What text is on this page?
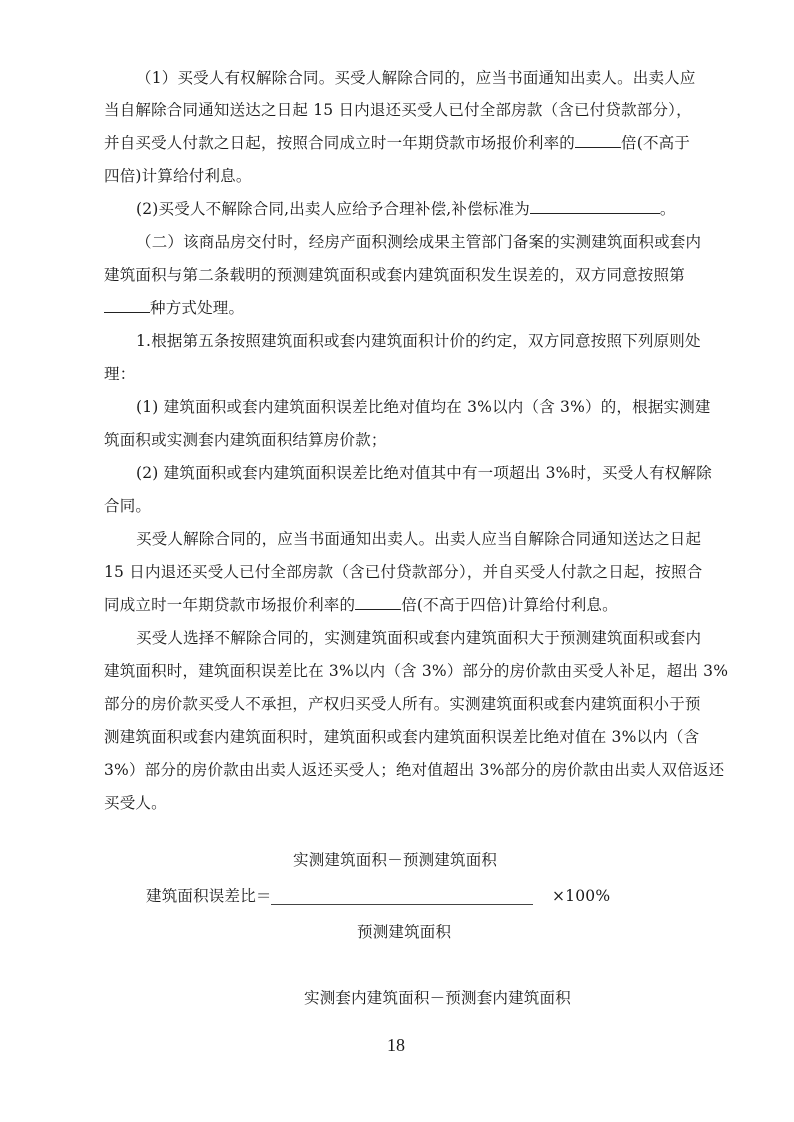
（1）买受人有权解除合同。买受人解除合同的，应当书面通知出卖人。出卖人应
当自解除合同通知送达之日起 15 日内退还买受人已付全部房款（含已付贷款部分），
并自买受人付款之日起，按照合同成立时一年期贷款市场报价利率的	倍(不高于
四倍)计算给付利息。
(2)买受人不解除合同,出卖人应给予合理补偿,补偿标准为	。
（二）该商品房交付时，经房产面积测绘成果主管部门备案的实测建筑面积或套内
建筑面积与第二条载明的预测建筑面积或套内建筑面积发生误差的，双方同意按照第
种方式处理。
1.根据第五条按照建筑面积或套内建筑面积计价的约定，双方同意按照下列原则处
理：
(1) 建筑面积或套内建筑面积误差比绝对值均在 3%以内（含 3%）的，根据实测建
筑面积或实测套内建筑面积结算房价款；
(2) 建筑面积或套内建筑面积误差比绝对值其中有一项超出 3%时，买受人有权解除
合同。
买受人解除合同的，应当书面通知出卖人。出卖人应当自解除合同通知送达之日起
15 日内退还买受人已付全部房款（含已付贷款部分），并自买受人付款之日起，按照合
同成立时一年期贷款市场报价利率的	倍(不高于四倍)计算给付利息。
买受人选择不解除合同的，实测建筑面积或套内建筑面积大于预测建筑面积或套内
建筑面积时，建筑面积误差比在 3%以内（含 3%）部分的房价款由买受人补足，超出 3%
部分的房价款买受人不承担，产权归买受人所有。实测建筑面积或套内建筑面积小于预
测建筑面积或套内建筑面积时，建筑面积或套内建筑面积误差比绝对值在 3%以内（含
3%）部分的房价款由出卖人返还买受人；绝对值超出 3%部分的房价款由出卖人双倍返还
买受人。
实测建筑面积－预测建筑面积
建筑面积误差比＝	×100%
预测建筑面积
实测套内建筑面积－预测套内建筑面积
18
